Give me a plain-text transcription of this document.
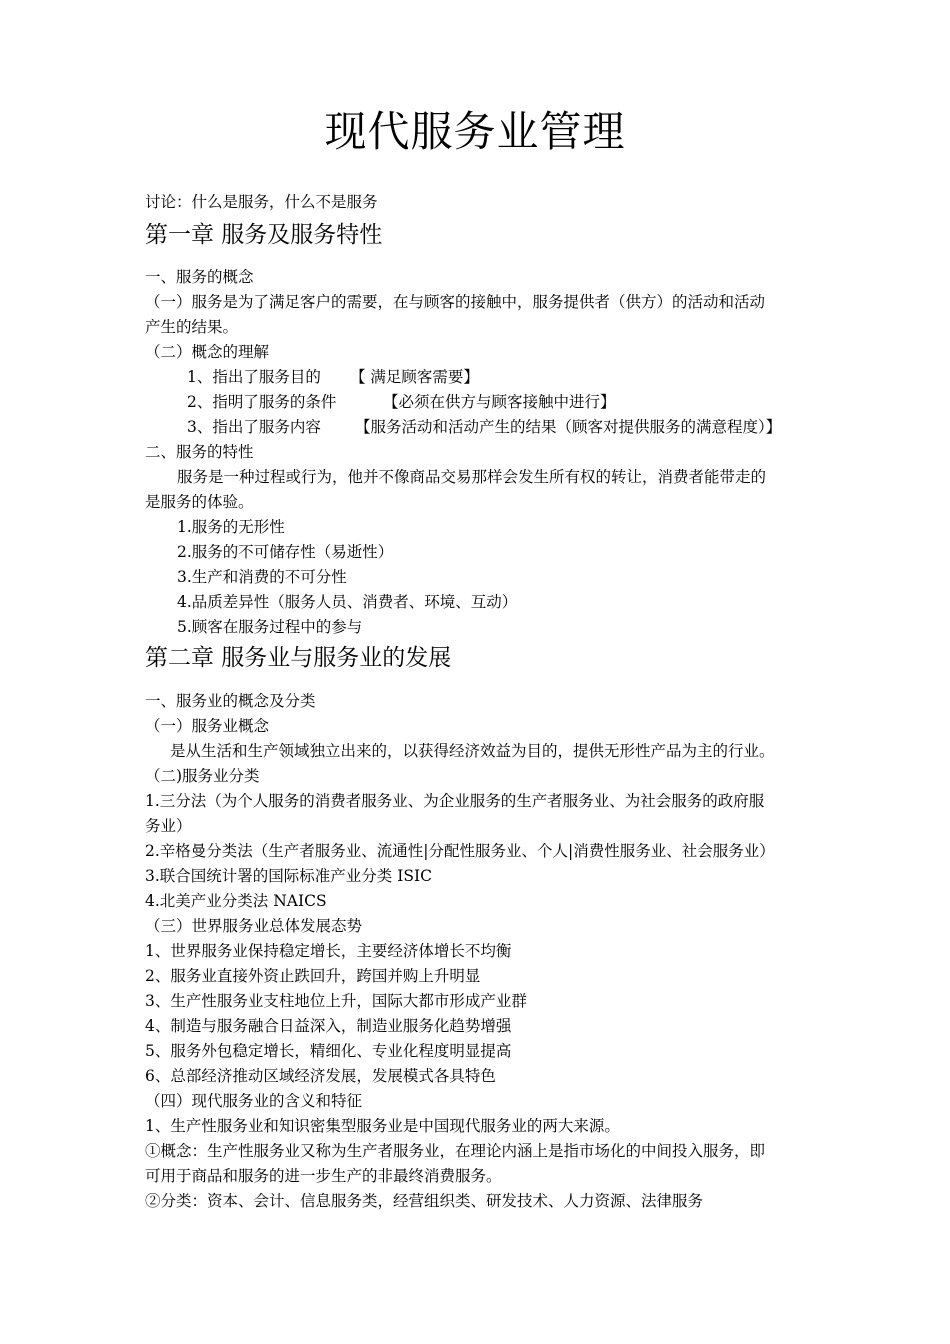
现代服务业管理
讨论：什么是服务，什么不是服务
第一章 服务及服务特性
一、服务的概念
（一）服务是为了满足客户的需要，在与顾客的接触中，服务提供者（供方）的活动和活动
产生的结果。
（二）概念的理解
1、指出了服务目的 【 满足顾客需要】
2、指明了服务的条件	【必须在供方与顾客接触中进行】
3、指出了服务内容 【服务活动和活动产生的结果（顾客对提供服务的满意程度）】
二、服务的特性
服务是一种过程或行为，他并不像商品交易那样会发生所有权的转让，消费者能带走的
是服务的体验。
1.服务的无形性
2.服务的不可储存性（易逝性）
3.生产和消费的不可分性
4.品质差异性（服务人员、消费者、环境、互动）
5.顾客在服务过程中的参与
第二章 服务业与服务业的发展
一、服务业的概念及分类
（一）服务业概念
是从生活和生产领域独立出来的，以获得经济效益为目的，提供无形性产品为主的行业。
（二)服务业分类
1.三分法（为个人服务的消费者服务业、为企业服务的生产者服务业、为社会服务的政府服
务业）
2.辛格曼分类法（生产者服务业、流通性|分配性服务业、个人|消费性服务业、社会服务业）
3.联合国统计署的国际标准产业分类 ISIC
4.北美产业分类法 NAICS
（三）世界服务业总体发展态势
1、世界服务业保持稳定增长，主要经济体增长不均衡
2、服务业直接外资止跌回升，跨国并购上升明显
3、生产性服务业支柱地位上升，国际大都市形成产业群
4、制造与服务融合日益深入，制造业服务化趋势增强
5、服务外包稳定增长，精细化、专业化程度明显提高
6、总部经济推动区域经济发展，发展模式各具特色
（四）现代服务业的含义和特征
1、生产性服务业和知识密集型服务业是中国现代服务业的两大来源。
①概念：生产性服务业又称为生产者服务业，在理论内涵上是指市场化的中间投入服务，即
可用于商品和服务的进一步生产的非最终消费服务。
②分类：资本、会计、信息服务类，经营组织类、研发技术、人力资源、法律服务
